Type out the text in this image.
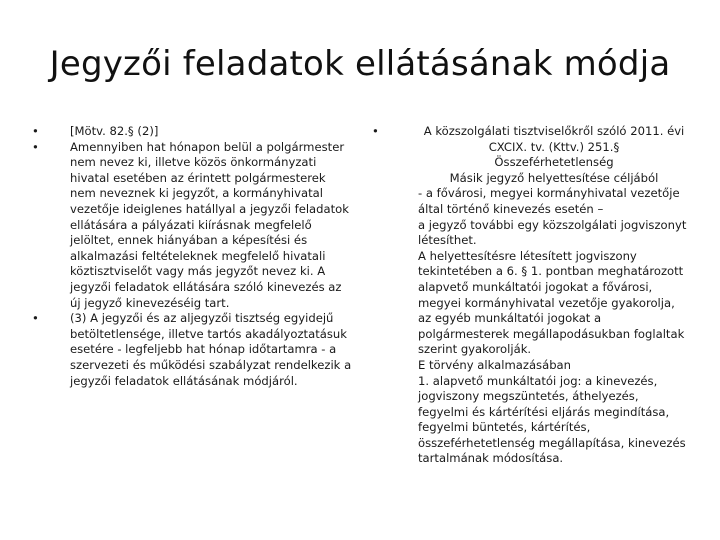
Jegyzői feladatok ellátásának módja
•	[Mötv. 82.§ (2)]
•	Amennyiben hat hónapon belül a polgármester nem nevez ki, illetve közös önkormányzati hivatal esetében az érintett polgármesterek nem neveznek ki jegyzőt, a kormányhivatal vezetője ideiglenes hatállyal a jegyzői feladatok ellátására a pályázati kiírásnak megfelelő jelöltet, ennek hiányában a képesítési és alkalmazási feltételeknek megfelelő hivatali köztisztviselőt vagy más jegyzőt nevez ki. A jegyzői feladatok ellátására szóló kinevezés az új jegyző kinevezéséig tart.
•	(3) A jegyzői és az aljegyzői tisztség egyidejű betöltetlensége, illetve tartós akadályoztatásuk esetére - legfeljebb hat hónap időtartamra - a szervezeti és működési szabályzat rendelkezik a jegyzői feladatok ellátásának módjáról.
•	A közszolgálati tisztviselőkről szóló 2011. évi CXCIX. tv. (Kttv.) 251.§
Összeférhetetlenség
Másik jegyző helyettesítése céljából
- a fővárosi, megyei kormányhivatal vezetője által történő kinevezés esetén –
a jegyző további egy közszolgálati jogviszonyt létesíthet.
A helyettesítésre létesített jogviszony tekintetében a 6. § 1. pontban meghatározott alapvető munkáltatói jogokat a fővárosi, megyei kormányhivatal vezetője gyakorolja, az egyéb munkáltatói jogokat a polgármesterek megállapodásukban foglaltak szerint gyakorolják.
E törvény alkalmazásában
1. alapvető munkáltatói jog: a kinevezés, jogviszony megszüntetés, áthelyezés, fegyelmi és kártérítési eljárás megindítása, fegyelmi büntetés, kártérítés, összeférhetetlenség megállapítása, kinevezés tartalmának módosítása.
